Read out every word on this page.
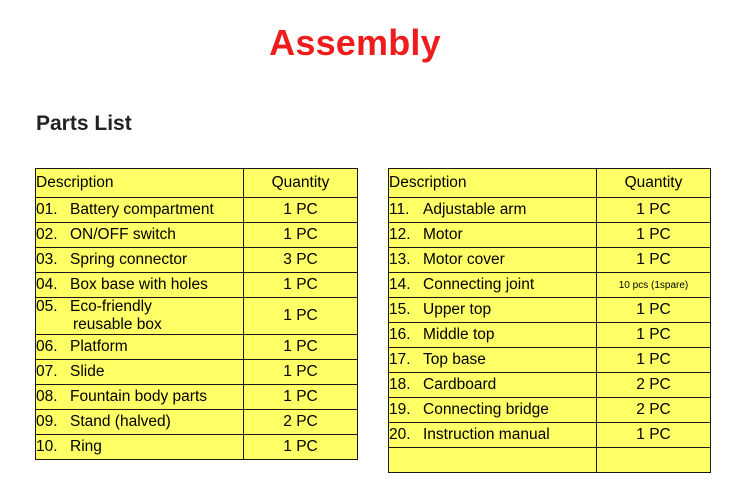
Assembly
Parts List
Description	Quantity
01. Battery compartment	1 PC
02. ON/OFF switch	1 PC
03. Spring connector	3 PC
04. Box base with holes	1 PC
05. Eco-friendly
reusable box	1 PC
06. Platform	1 PC
07. Slide	1 PC
08. Fountain body parts	1 PC
09. Stand (halved)	2 PC
10. Ring	1 PC
Description	Quantity
11. Adjustable arm	1 PC
12. Motor	1 PC
13. Motor cover	1 PC
14. Connecting joint	10 pcs (1spare)
15. Upper top	1 PC
16. Middle top	1 PC
17. Top base	1 PC
18. Cardboard	2 PC
19. Connecting bridge	2 PC
20. Instruction manual	1 PC
